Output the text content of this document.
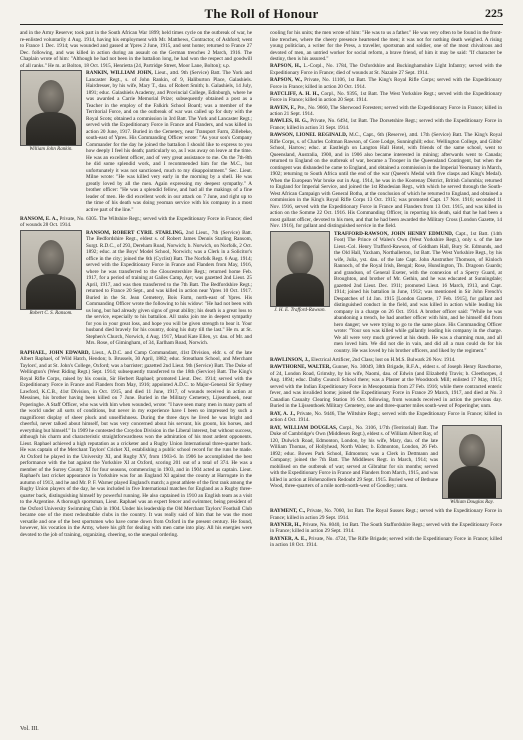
The Roll of Honour	225

and in the Army Reserve; took part in the South African War 1899; held times cycle on the outbreak of war, he re-enlisted voluntarily 4 Aug. 1914, having his employment with Mr. Matthews, Contractor, of Ashford; went to France 1 Dec. 1914; was wounded and gassed at Ypres 2 June, 1915, and sent home; returned to France 27 Dec. following, and was killed in action during an assault on the German trenches 2 March, 1916. The Chaplain wrote of him: "Although he had not been in the battalion long, he had won the respect and goodwill of all ranks." He m. at Bolton, 18 Oct. 1915, Henrietta (24, Partridge Street, Moor Lane, Bolton); s.p.

William John Rankin.

RANKIN, WILLIAM JOHN, Lieut., attd. 9th (Service) Batt. The York and Lancaster Regt., s. of John Rankin, of 9, Haliburton Place, Galashiels. Hairdresser, by his wife, Mary T., dau. of Robert Smith; b. Galashiels, 14 July, 1891; educ. Galashiels Academy, and Provincial College, Edinburgh, where he was awarded a Carrie Memorial Prize; subsequently obtained a post as a Teacher in the employ of the Falkirk School Board; was a member of the Territorial Force, and on the outbreak of war was called up for duty with the Royal Scots; obtained a commission in 3rd Batt. The York and Lancaster Regt.; served with the Expeditionary Force in France and Flanders, and was killed in action 20 June, 1917. Buried in the Cemetery, near Transport Farm, Zillebeke, south-east of Ypres. His Commanding Officer wrote: "As your son's Company Commander for the day he joined the battalion I should like to express to you how deeply I feel his death; particularly so, as I was away on leave at the time. He was an excellent officer, and of very great assistance to me. On the 7th-8th he did some splendid work, and I recommended him for the M.C., but unfortunately it was not sanctioned, much to my disappointment." Sec. Lieut. Milne wrote: "He was killed very early in the morning by a shell. He was greatly loved by all the men. Again expressing my deepest sympathy." A brother officer: "He was a splendid fellow, and had all the makings of a fine leader of men. He did excellent work in our attack on 7 June, and right up to the time of his death was doing yeoman service with his company in a most active part of the line."

RANSOM, E. A., Private, No. 6305. The Wiltshire Regt.; served with the Expeditionary Force in France; died of wounds 28 Oct. 1914.

Robert C. S. Ransom.

RANSOM, ROBERT CYRIL STARLING, 2nd Lieut., 7th (Service) Batt. The Bedfordshire Regt., eldest s. of Robert James Dennis Starling Ransom, Surgt. R.D.C., of 293, Dereham Road, Norwich; b. Norwich, on Norfolk, 2 Oct. 1892; educ. at the Boys' Model School, Norwich; was a Clerk in a Solicitor's office in the city; joined the 6th (Cyclist) Batt. The Norfolk Regt. 6 Aug. 1914; served with the Expeditionary Force in France and Flanders from May, 1916, where he was transferred to the Gloucestershire Regt.; returned home Feb. 1917, for a period of training at Gailes Camp, Ayr; was gazetted 2nd Lieut. 25 April, 1917, and was then transferred to the 7th Batt. The Bedfordshire Regt.; returned to France 20 Sept., and was killed in action near Ypres 10 Oct. 1917. Buried in the St. Jean Cemetery, Bois Farm, north-east of Ypres. His Commanding Officer wrote the following to his widow: "He had not been with us long, but had already given signs of great ability; his death is a great loss to the service, especially to his battalion. All ranks join me in deepest sympathy for you in your great loss, and hope you will be given strength to bear it. Your husband died bravely for his country, doing his duty till the last." He m. at St. Stephen's Church, Norwich, 4 Aug. 1917, Maud Kate Ellen, yr. dau. of Mr. and Mrs. Rose, of Gimingham, of 34, Earlham Road, Norwich.

RAPHAEL, JOHN EDWARD, Lieut., A.D.C. and Camp Commandant, 41st Division, eldr. s. of the late Albert Raphael, of Wild Hatch, Hendon; b. Brussels, 30 April, 1882; educ. Streatham School, and Merchant Taylors', and at St. John's College, Oxford; was a barrister; gazetted 2nd Lieut. 9th (Service) Batt. The Duke of Wellington's (West Riding Regt.) Sept. 1914; subsequently transferred to the 18th (Service) Batt. The King's Royal Rifle Corps, raised by his cousin, Sir Herbert Raphael; promoted Lieut. Dec. 1914; served with the Expeditionary Force in France and Flanders from May, 1916; appointed A.D.C. to Major-General Sir Sydney Lawford, K.C.B., 41st Division, in Oct. 1915, and died 11 June, 1917, of wounds received in action at Messines, his brother having been killed on 7 June. Buried in the Military Cemetery, Lijssenthoek, near Poperinghe. A Staff Officer, who was with him when wounded, wrote: "I have seen many men in many parts of the world under all sorts of conditions, but never in my experience have I been so impressed by such a magnificent display of sheer pluck and unselfishness. During the three days he lived he was bright and cheerful, never talked about himself, but was very concerned about his servant, his groom, his horses, and everything but himself." In 1909 he contested the Croydon Division in the Liberal interest, but without success, although his charm and characteristic straightforwardness won the admiration of his most ardent opponents. Lieut. Raphael achieved a high reputation as a cricketer and a Rugby Union International three-quarter back. He was captain of the Merchant Taylors' Cricket XI, establishing a public school record for the runs he made. At Oxford he played in the University XI, and Rugby XV, from 1903-6. In 1906 he accomplished the best performance with the bat against the Yorkshire XI at Oxford, scoring 201 out of a total of 374. He was a member of the Surrey County XI for four seasons, commencing in 1903, and in 1904 acted as captain. Lieut. Raphael's last cricket appearance in Yorkshire was for an England XI against the county at Harrogate in the autumn of 1913, and he and Mr. P. F. Warner played England's match; a great athlete of the first rank among the Rugby Union players of the day, he was included in five International matches for England as a Rugby three-quarter back, distinguishing himself by powerful running. He also captained in 1910 an English team as a visit to the Argentine. A thorough sportsman, Lieut. Raphael was an expert fencer and swimmer, being president of the Oxford University Swimming Club in 1904. Under his leadership the Old Merchant Taylors' Football Club became one of the most redoubtable clubs in the country. It was really said of him that he was the most versatile and one of the best sportsmen who have come down from Oxford in the present century. He found, however, his vocation in the Army, where his gift for dealing with men came into play. All his energies were devoted to the job of training, organizing, cheering, so the unequal ordering.

cooling for his units; the men wrote of him: "He was to us a father." He was very often to be found in the front-line trenches, where the cheery presence heartened the men; it was not for nothing death weighed. A rising young politician, a writer for the Press, a traveller, sportsman and soldier, one of the most chivalrous and devoted of men, an untried worker for social reform, a brave friend, of him it may be said: "If character be destiny, then is his assured."

RAPSON, H., L.-Corpl., No. 1784, The Oxfordshire and Buckinghamshire Light Infantry; served with the Expeditionary Force in France; died of wounds at St. Nazaire 27 Sept. 1914.

RAPSON, W., Private, No. 11106, 1st Batt. The King's Royal Rifle Corps; served with the Expeditionary Force in France; killed in action 20 Oct. 1914.

RATCLIFF, A. H. H., Corpl., No. 9395, 1st Batt. The West Yorkshire Regt.; served with the Expeditionary Force in France; killed in action 20 Sept. 1914.

RAVEN, F., Pte., No. 9660, The Sherwood Foresters; served with the Expeditionary Force in France; killed in action 21 Sept. 1914.

RAWLES, H. G., Private, No. 6494, 1st Batt. The Dorsetshire Regt.; served with the Expeditionary Force in France; killed in action 31 Sept. 1914.

RAWSON, LIONEL REGINALD, M.C., Capt., 6th (Reserve), attd. 17th (Service) Batt. The King's Royal Rifle Corps, s. of Charles Coltman Rawson, of Gore Lodge, Sunninghill; educ. Wellington College, and Gibbs' School, Harrow; educ. at Eastleigh on Langton Hall Hotel, with friends of the same school, went to Queensland, Australia, 1900, and in 1906 also became interested in mining; afterwards went to Canada; returned to England on the outbreak of war, became a Trooper in the Queensland Contingent, but when the contingent was disbanded he came to England, and obtained a commission in the Imperial Yeomanry in March, 1902; returning to South Africa until the end of the war (Queen's Medal with five clasps and King's Medal). When the European War broke out in Aug. 1914, he was in the Kootenay District, British Columbia; returned to England for Imperial Service, and joined the 1st Rhodesian Regt., with which he served through the South-West African Campaign with General Botha, at the conclusion of which he returned to England, and obtained a commission in the King's Royal Rifle Corps 13 Oct. 1915; was promoted Capt. 17 Nov. 1916; seconded 11 Nov. 1916, served with the Expeditionary Force in France and Flanders from 13 Oct. 1915, and was killed in action on the Somme 22 Oct. 1916. His Commanding Officer, in reporting his death, said that he had been a most gallant officer, devoted to his men, and that he had been awarded the Military Cross (London Gazette, 14 Nov. 1916), for gallant and distinguished service in the field.

J. H. E. Trafford-Rawson.

TRAFFORD-RAWSON, JOHN HENRY EDMUND, Capt., 1st Batt. (14th Foot) The Prince of Wales's Own (West Yorkshire Regt.), only s. of the late Lieut.-Col. Henry Trafford-Rawson, of Goldham Hall, Bury St. Edmunds, and the Old Hall, Yaxham, Northallerton, 1st Batt. The West Yorkshire Regt., by his wife, Julia, yst. dau. of the late Capt. John Anstruther Thomson, of Kinloch Rannoch, of the Royal Irish, Bengal; Rose, Hunslington, Th. Dragoon Guards; and grandson, of General Exeter, with the connexion of a Sperry Guard, at Broughton, and brother of Mr. Gethin, and he was educated at Sunningdale; gazetted 2nd Lieut. Dec. 1911; promoted Lieut. 16 March, 1913, and Capt. 1914; joined his battalion in June, 1912; was mentioned in Sir John French's Despatches of 14 Jan. 1915 [London Gazette, 17 Feb. 1915], for gallant and distinguished conduct in the field, and was killed in action while leading his company in a charge on 26 Oct. 1914. A brother officer said: "While he was abandoning a trench, he had another officer with him, and he himself did from hero danger; we were trying to go to the same place. His Commanding Officer wrote: "Your son was killed while gallantly leading his company in the charge. We all were very much grieved at his death. He was a charming man, and all men loved him. We did not die in vain, and did all a man could do for his country. He was loved by his brother officers, and liked by the regiment."

RAWLINSON, J., Electrical Artificer, 2nd Class; lost on H.M.S. Bulwark 26 Nov. 1914.

RAWTHORNE, WALTER, Gunner, No. 30049, 38th Brigade, R.F.A., eldest s. of Joseph Henry Rawthorne, of 24, London Road, Grimsby, by his wife, Naomi, dau. of Edwin (and Elizabeth) Travis; b. Cleethorpes, 4 Aug. 1894; educ. Dalby Council School there; was a Plaster at the Woodstock Mill; enlisted 17 May, 1915; served with the Indian Expeditionary Force in Mesopotamia from 27 Feb. 1916; while there contracted enteric fever, and was invalided home; joined the Expeditionary Force in France 29 March, 1917, and died at No. 3 Canadian Casualty Clearing Station 16 Oct. following, from wounds received in action the previous day. Buried in the Lijssenthoek Military Cemetery, one and three-quarter miles south-west of Poperinghe; unm.

RAY, A. J., Private, No. 9446, The Wiltshire Regt.; served with the Expeditionary Force in France; killed in action 4 Oct. 1914.

RAY, WILLIAM DOUGLAS, Corpl., No. 3106, 1/7th (Territorial) Batt. The Duke of Cambridge's Own (Middlesex Regt.), eldest s. of William Albert Ray, of 120, Dulwich Road, Edmonton, London, by his wife, Mary, dau. of the late William Thomas, of Hollyhead, North Wales; b. Edmonton, London, 26 Feb. 1892; educ. Bowes Park School, Edmonton; was a Clerk in Dettmann and Company; joined the 7th Batt. The Middlesex Regt. in March, 1914; was mobilised on the outbreak of war; served at Gibraltar for six months; served with the Expeditionary Force in France and Flanders from March, 1915, and was killed in action at Hohenzollern Redoubt 29 Sept. 1915. Buried west of Bethune Wood, three-quarters of a mile north-north-west of Goodley; unm.

William Douglas Ray.

RAYMENT, C., Private, No. 7060, 1st Batt. The Royal Sussex Regt.; served with the Expeditionary Force in France; killed in action 29 Sept. 1914.

RAYNER, H., Private, No. 8040, 1st Batt. The South Staffordshire Regt.; served with the Expeditionary Force in France; killed in action 29 Sept. 1914.

RAYNER, A. E., Private, No. 4724, The Rifle Brigade; served with the Expeditionary Force in France; killed in action 18 Oct. 1914.

Vol. III.
